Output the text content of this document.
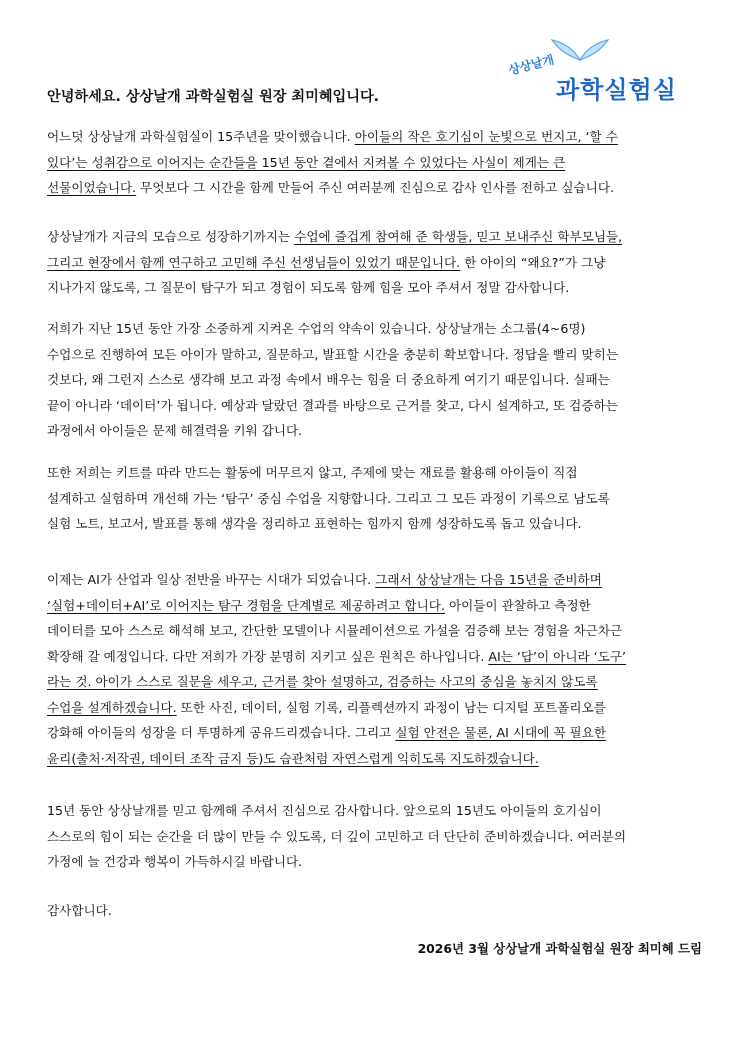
상상날개
과학실험실
안녕하세요. 상상날개 과학실험실 원장 최미혜입니다.
어느덧 상상날개 과학실험실이 15주년을 맞이했습니다. 아이들의 작은 호기심이 눈빛으로 번지고, ‘할 수
있다’는 성취감으로 이어지는 순간들을 15년 동안 곁에서 지켜볼 수 있었다는 사실이 제게는 큰
선물이었습니다. 무엇보다 그 시간을 함께 만들어 주신 여러분께 진심으로 감사 인사를 전하고 싶습니다.
상상날개가 지금의 모습으로 성장하기까지는 수업에 즐겁게 참여해 준 학생들, 믿고 보내주신 학부모님들,
그리고 현장에서 함께 연구하고 고민해 주신 선생님들이 있었기 때문입니다. 한 아이의 “왜요?”가 그냥
지나가지 않도록, 그 질문이 탐구가 되고 경험이 되도록 함께 힘을 모아 주셔서 정말 감사합니다.
저희가 지난 15년 동안 가장 소중하게 지켜온 수업의 약속이 있습니다. 상상날개는 소그룹(4~6명)
수업으로 진행하여 모든 아이가 말하고, 질문하고, 발표할 시간을 충분히 확보합니다. 정답을 빨리 맞히는
것보다, 왜 그런지 스스로 생각해 보고 과정 속에서 배우는 힘을 더 중요하게 여기기 때문입니다. 실패는
끝이 아니라 ‘데이터’가 됩니다. 예상과 달랐던 결과를 바탕으로 근거를 찾고, 다시 설계하고, 또 검증하는
과정에서 아이들은 문제 해결력을 키워 갑니다.
또한 저희는 키트를 따라 만드는 활동에 머무르지 않고, 주제에 맞는 재료를 활용해 아이들이 직접
설계하고 실험하며 개선해 가는 ‘탐구’ 중심 수업을 지향합니다. 그리고 그 모든 과정이 기록으로 남도록
실험 노트, 보고서, 발표를 통해 생각을 정리하고 표현하는 힘까지 함께 성장하도록 돕고 있습니다.
이제는 AI가 산업과 일상 전반을 바꾸는 시대가 되었습니다. 그래서 상상날개는 다음 15년을 준비하며
‘실험+데이터+AI’로 이어지는 탐구 경험을 단계별로 제공하려고 합니다. 아이들이 관찰하고 측정한
데이터를 모아 스스로 해석해 보고, 간단한 모델이나 시뮬레이션으로 가설을 검증해 보는 경험을 차근차근
확장해 갈 예정입니다. 다만 저희가 가장 분명히 지키고 싶은 원칙은 하나입니다. AI는 ‘답’이 아니라 ‘도구’
라는 것. 아이가 스스로 질문을 세우고, 근거를 찾아 설명하고, 검증하는 사고의 중심을 놓치지 않도록
수업을 설계하겠습니다. 또한 사진, 데이터, 실험 기록, 리플렉션까지 과정이 남는 디지털 포트폴리오를
강화해 아이들의 성장을 더 투명하게 공유드리겠습니다. 그리고 실험 안전은 물론, AI 시대에 꼭 필요한
윤리(출처·저작권, 데이터 조작 금지 등)도 습관처럼 자연스럽게 익히도록 지도하겠습니다.
15년 동안 상상날개를 믿고 함께해 주셔서 진심으로 감사합니다. 앞으로의 15년도 아이들의 호기심이
스스로의 힘이 되는 순간을 더 많이 만들 수 있도록, 더 깊이 고민하고 더 단단히 준비하겠습니다. 여러분의
가정에 늘 건강과 행복이 가득하시길 바랍니다.
감사합니다.
2026년 3월 상상날개 과학실험실 원장 최미혜 드림
